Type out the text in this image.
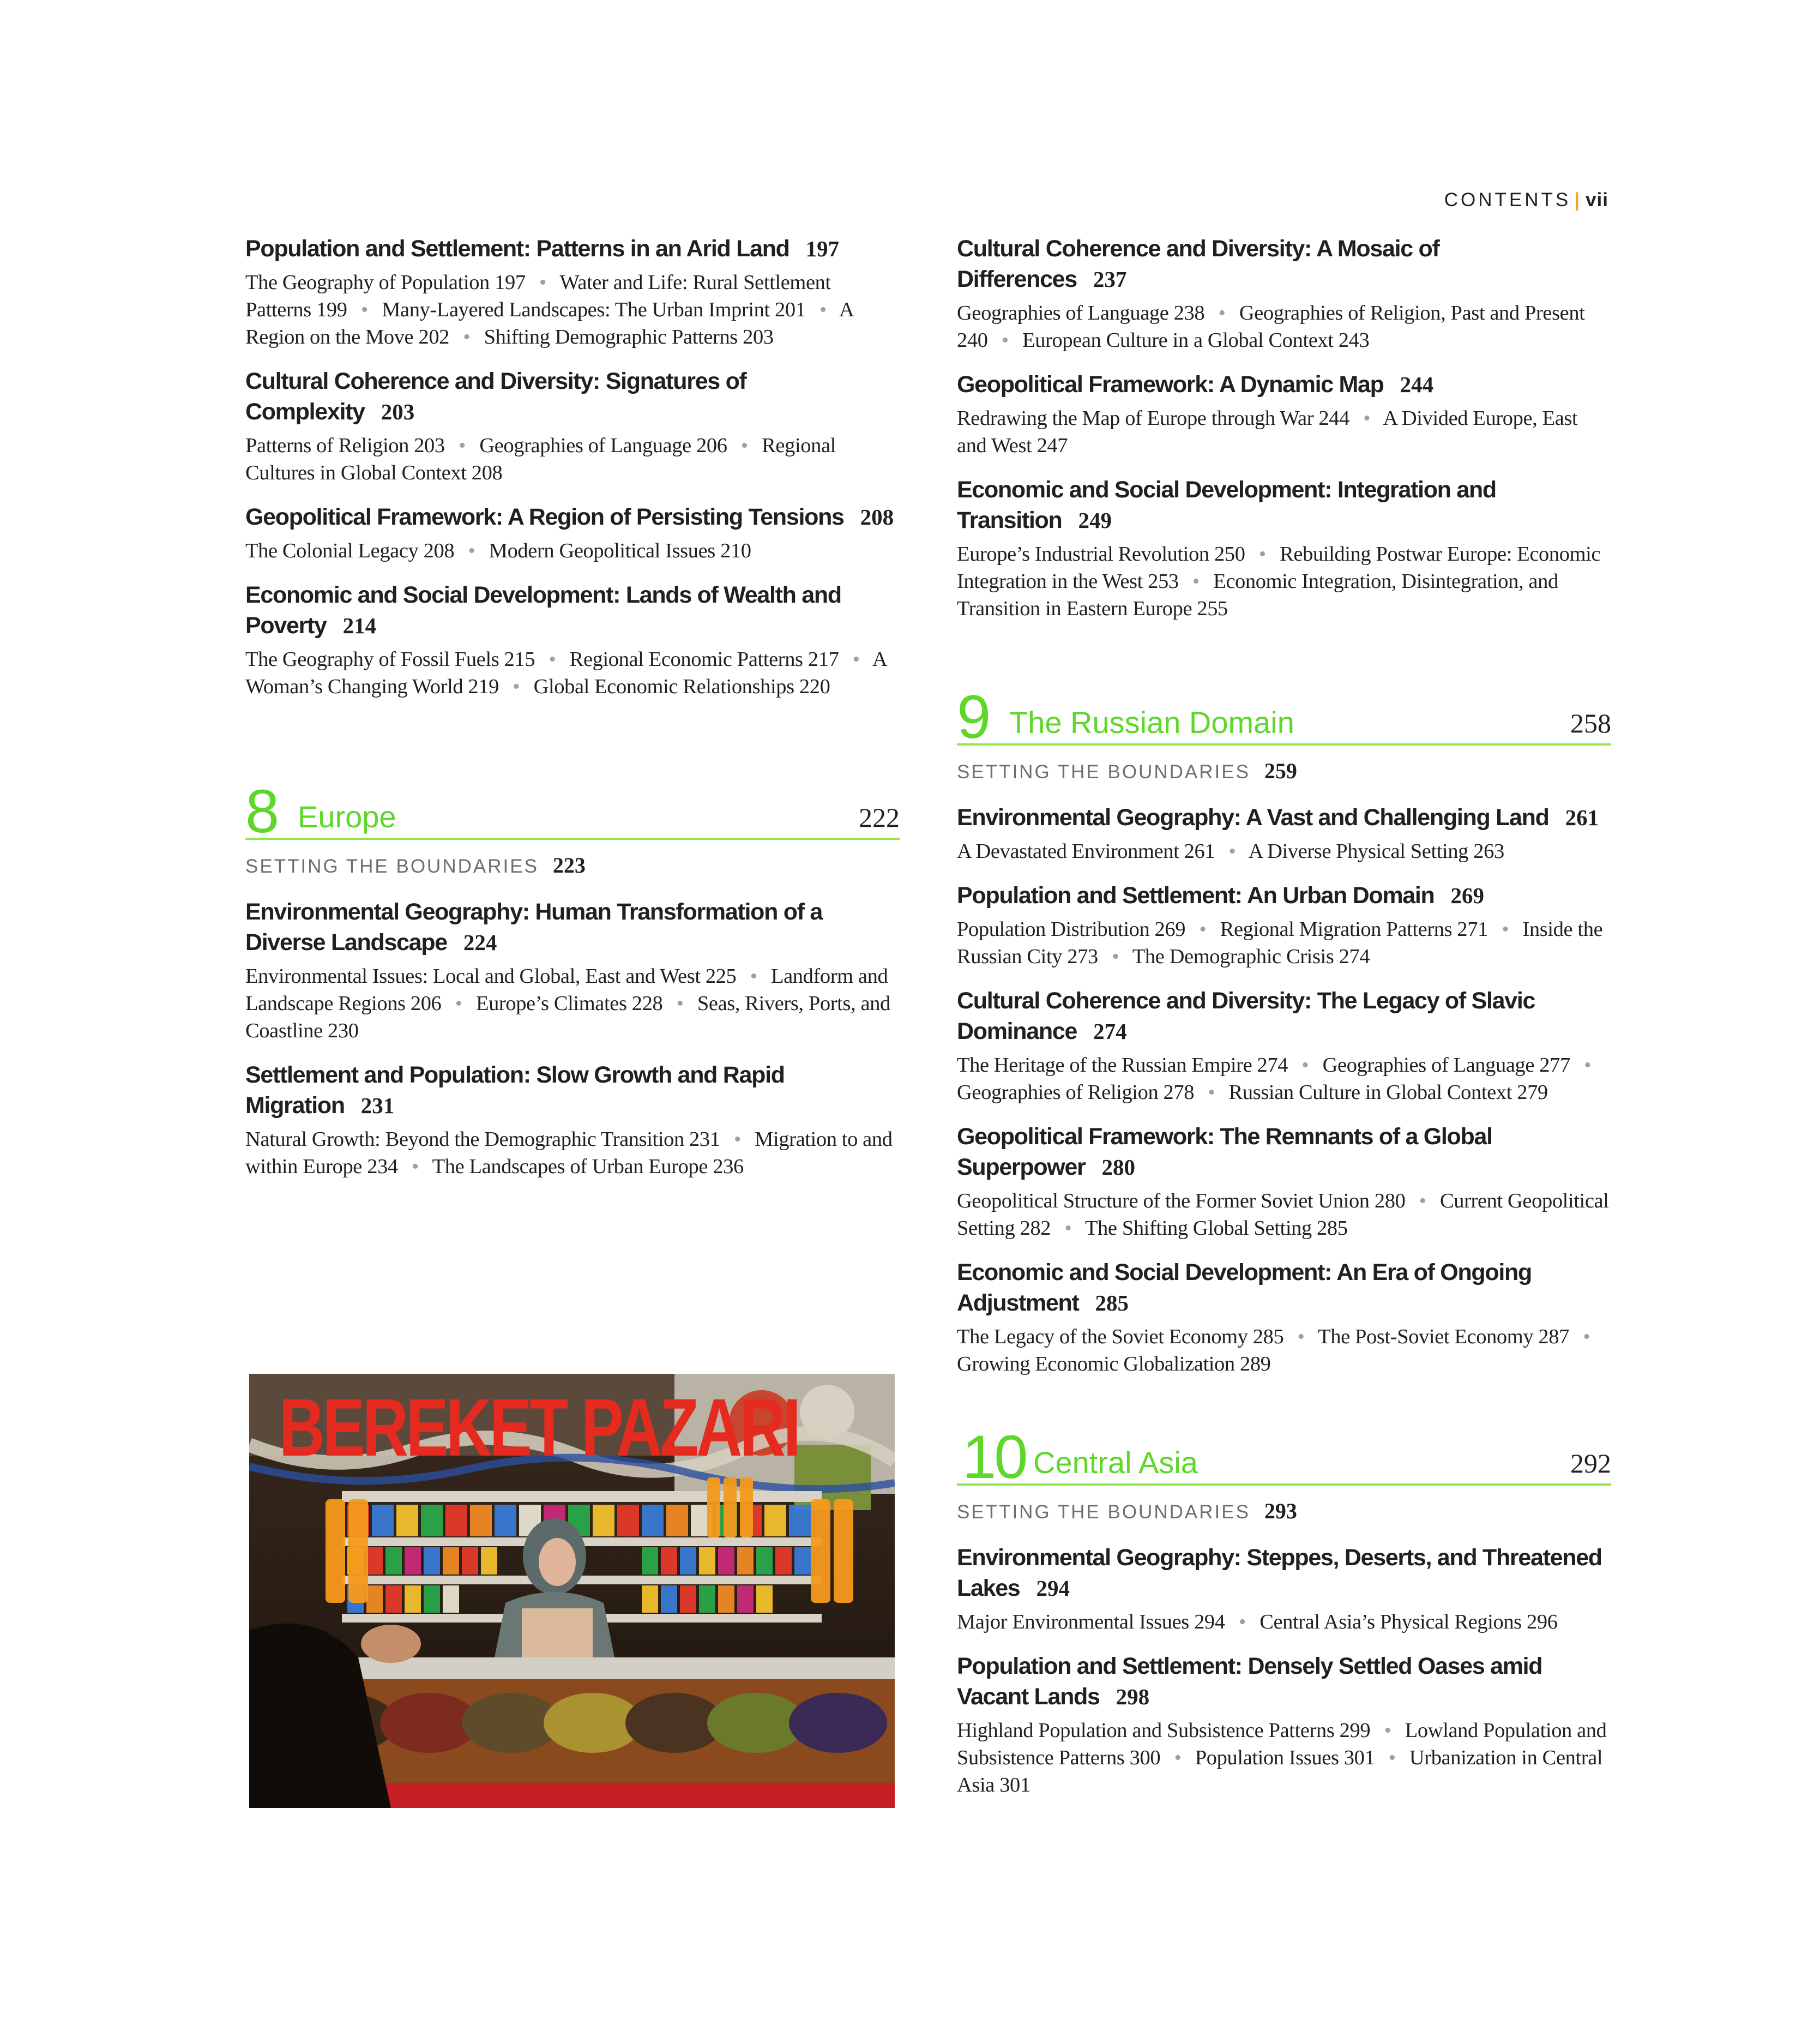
CONTENTS | vii
Population and Settlement: Patterns in an Arid Land 197

The Geography of Population 197 • Water and Life: Rural Settlement Patterns 199 • Many-Layered Landscapes: The Urban Imprint 201 • A Region on the Move 202 • Shifting Demographic Patterns 203

Cultural Coherence and Diversity: Signatures of Complexity 203

Patterns of Religion 203 • Geographies of Language 206 • Regional Cultures in Global Context 208

Geopolitical Framework: A Region of Persisting Tensions 208

The Colonial Legacy 208 • Modern Geopolitical Issues 210

Economic and Social Development: Lands of Wealth and Poverty 214

The Geography of Fossil Fuels 215 • Regional Economic Patterns 217 • A Woman’s Changing World 219 • Global Economic Relationships 220

8 Europe	222
SETTING THE BOUNDARIES 223
Environmental Geography: Human Transformation of a Diverse Landscape 224

Environmental Issues: Local and Global, East and West 225 • Landform and Landscape Regions 206 • Europe’s Climates 228 • Seas, Rivers, Ports, and Coastline 230

Settlement and Population: Slow Growth and Rapid Migration 231

Natural Growth: Beyond the Demographic Transition 231 • Migration to and within Europe 234 • The Landscapes of Urban Europe 236

BEREKET PAZARI
Cultural Coherence and Diversity: A Mosaic of Differences 237

Geographies of Language 238 • Geographies of Religion, Past and Present 240 • European Culture in a Global Context 243

Geopolitical Framework: A Dynamic Map 244

Redrawing the Map of Europe through War 244 • A Divided Europe, East and West 247

Economic and Social Development: Integration and Transition 249

Europe’s Industrial Revolution 250 • Rebuilding Postwar Europe: Economic Integration in the West 253 • Economic Integration, Disintegration, and Transition in Eastern Europe 255

9 The Russian Domain	258
SETTING THE BOUNDARIES 259
Environmental Geography: A Vast and Challenging Land 261

A Devastated Environment 261 • A Diverse Physical Setting 263

Population and Settlement: An Urban Domain 269

Population Distribution 269 • Regional Migration Patterns 271 • Inside the Russian City 273 • The Demographic Crisis 274

Cultural Coherence and Diversity: The Legacy of Slavic Dominance 274

The Heritage of the Russian Empire 274 • Geographies of Language 277 • Geographies of Religion 278 • Russian Culture in Global Context 279

Geopolitical Framework: The Remnants of a Global Superpower 280

Geopolitical Structure of the Former Soviet Union 280 • Current Geopolitical Setting 282 • The Shifting Global Setting 285

Economic and Social Development: An Era of Ongoing Adjustment 285

The Legacy of the Soviet Economy 285 • The Post-Soviet Economy 287 • Growing Economic Globalization 289

10 Central Asia	292
SETTING THE BOUNDARIES 293
Environmental Geography: Steppes, Deserts, and Threatened Lakes 294

Major Environmental Issues 294 • Central Asia’s Physical Regions 296

Population and Settlement: Densely Settled Oases amid Vacant Lands 298

Highland Population and Subsistence Patterns 299 • Lowland Population and Subsistence Patterns 300 • Population Issues 301 • Urbanization in Central Asia 301
